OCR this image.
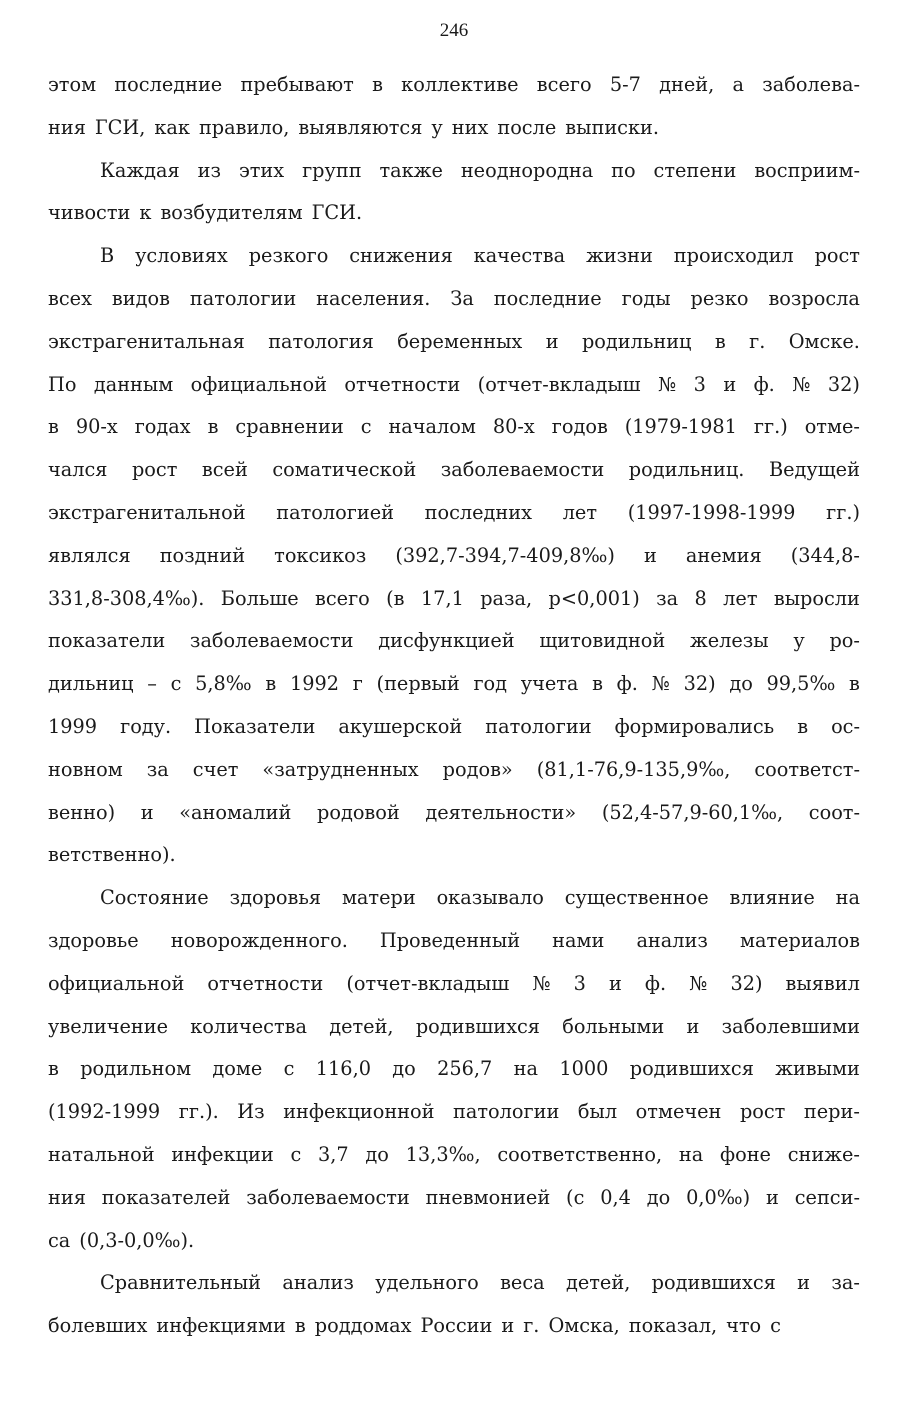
246
этом последние пребывают в коллективе всего 5-7 дней, а заболева-
ния ГСИ, как правило, выявляются у них после выписки.
Каждая из этих групп также неоднородна по степени восприим-
чивости к возбудителям ГСИ.
В условиях резкого снижения качества жизни происходил рост
всех видов патологии населения. За последние годы резко возросла
экстрагенитальная патология беременных и родильниц в г. Омске.
По данным официальной отчетности (отчет-вкладыш № 3 и ф. № 32)
в 90-х годах в сравнении с началом 80-х годов (1979-1981 гг.) отме-
чался рост всей соматической заболеваемости родильниц. Ведущей
экстрагенитальной патологией последних лет (1997-1998-1999 гг.)
являлся поздний токсикоз (392,7-394,7-409,8‰) и анемия (344,8-
331,8-308,4‰). Больше всего (в 17,1 раза, p<0,001) за 8 лет выросли
показатели заболеваемости дисфункцией щитовидной железы у ро-
дильниц – с 5,8‰ в 1992 г (первый год учета в ф. № 32) до 99,5‰ в
1999 году. Показатели акушерской патологии формировались в ос-
новном за счет «затрудненных родов» (81,1-76,9-135,9‰, соответст-
венно) и «аномалий родовой деятельности» (52,4-57,9-60,1‰, соот-
ветственно).
Состояние здоровья матери оказывало существенное влияние на
здоровье новорожденного. Проведенный нами анализ материалов
официальной отчетности (отчет-вкладыш № 3 и ф. № 32) выявил
увеличение количества детей, родившихся больными и заболевшими
в родильном доме с 116,0 до 256,7 на 1000 родившихся живыми
(1992-1999 гг.). Из инфекционной патологии был отмечен рост пери-
натальной инфекции с 3,7 до 13,3‰, соответственно, на фоне сниже-
ния показателей заболеваемости пневмонией (с 0,4 до 0,0‰) и сепси-
са (0,3-0,0‰).
Сравнительный анализ удельного веса детей, родившихся и за-
болевших инфекциями в роддомах России и г. Омска, показал, что с
